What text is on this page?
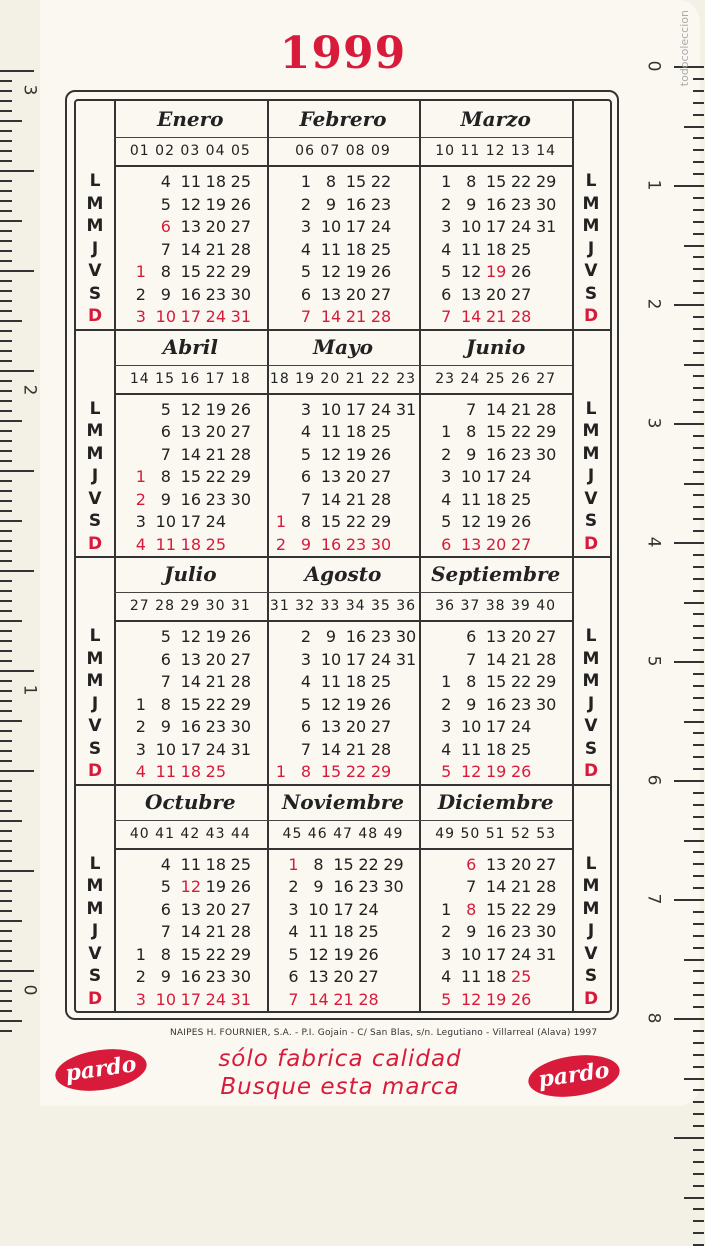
3
2
1
0
0
1
2
3
4
5
6
7
8
todocoleccion
1999
Enero
01 02 03 04 05
4 11 18 25
5 12 19 26
6 13 20 27
7 14 21 28
1 8 15 22 29
2 9 16 23 30
3 10 17 24 31
Febrero
06 07 08 09
1 8 15 22
2 9 16 23
3 10 17 24
4 11 18 25
5 12 19 26
6 13 20 27
7 14 21 28
Marzo
10 11 12 13 14
1 8 15 22 29
2 9 16 23 30
3 10 17 24 31
4 11 18 25
5 12 19 26
6 13 20 27
7 14 21 28
Abril
14 15 16 17 18
5 12 19 26
6 13 20 27
7 14 21 28
1 8 15 22 29
2 9 16 23 30
3 10 17 24
4 11 18 25
Mayo
18 19 20 21 22 23
3 10 17 24 31
4 11 18 25
5 12 19 26
6 13 20 27
7 14 21 28
1 8 15 22 29
2 9 16 23 30
Junio
23 24 25 26 27
7 14 21 28
1 8 15 22 29
2 9 16 23 30
3 10 17 24
4 11 18 25
5 12 19 26
6 13 20 27
Julio
27 28 29 30 31
5 12 19 26
6 13 20 27
7 14 21 28
1 8 15 22 29
2 9 16 23 30
3 10 17 24 31
4 11 18 25
Agosto
31 32 33 34 35 36
2 9 16 23 30
3 10 17 24 31
4 11 18 25
5 12 19 26
6 13 20 27
7 14 21 28
1 8 15 22 29
Septiembre
36 37 38 39 40
6 13 20 27
7 14 21 28
1 8 15 22 29
2 9 16 23 30
3 10 17 24
4 11 18 25
5 12 19 26
Octubre
40 41 42 43 44
4 11 18 25
5 12 19 26
6 13 20 27
7 14 21 28
1 8 15 22 29
2 9 16 23 30
3 10 17 24 31
Noviembre
45 46 47 48 49
1 8 15 22 29
2 9 16 23 30
3 10 17 24
4 11 18 25
5 12 19 26
6 13 20 27
7 14 21 28
Diciembre
49 50 51 52 53
6 13 20 27
7 14 21 28
1 8 15 22 29
2 9 16 23 30
3 10 17 24 31
4 11 18 25
5 12 19 26
L
M
M
J
V
S
D
L
M
M
J
V
S
D
L
M
M
J
V
S
D
L
M
M
J
V
S
D
L
M
M
J
V
S
D
L
M
M
J
V
S
D
L
M
M
J
V
S
D
L
M
M
J
V
S
D
NAIPES H. FOURNIER, S.A. - P.I. Gojain - C/ San Blas, s/n. Legutiano - Villarreal (Alava) 1997
pardo	sólo fabrica calidad
Busque esta marca	pardo
